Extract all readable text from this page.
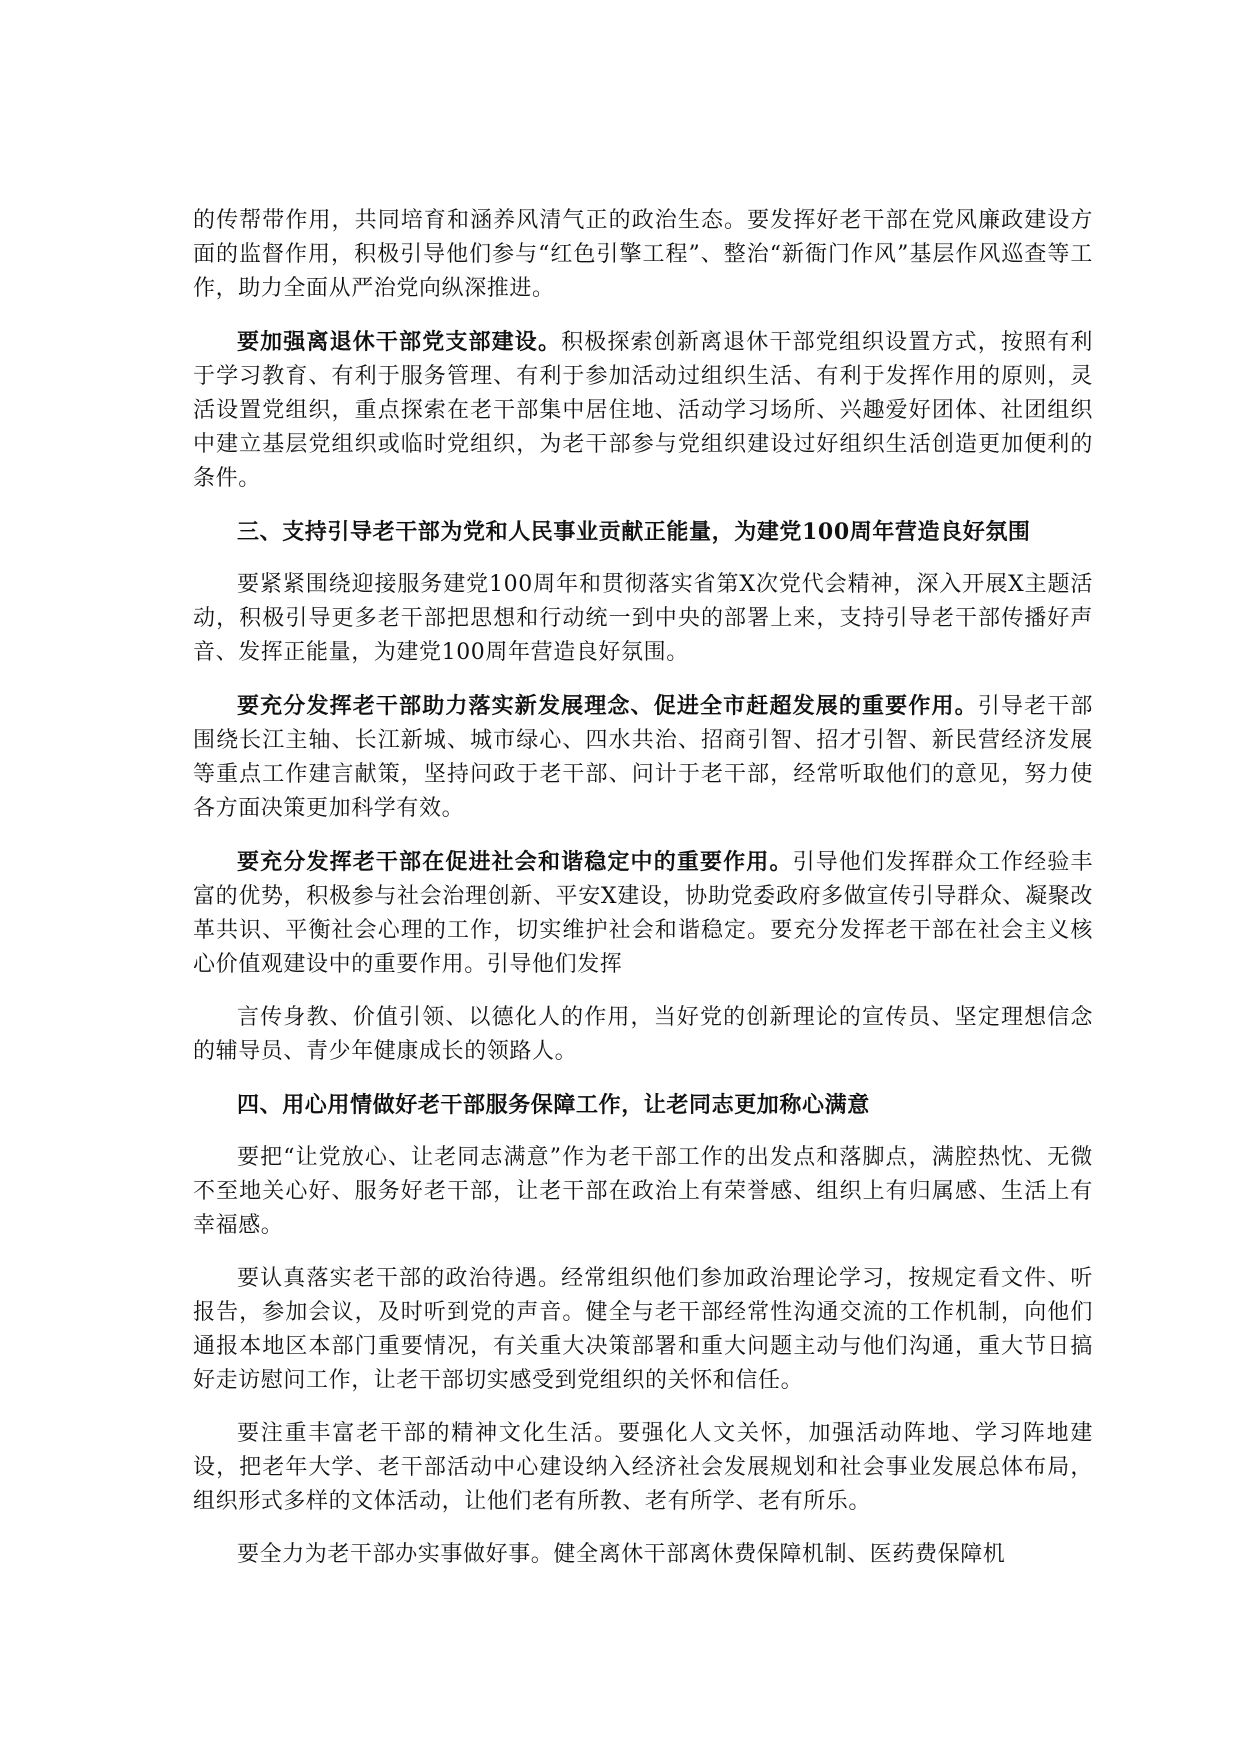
的传帮带作用，共同培育和涵养风清气正的政治生态。要发挥好老干部在党风廉政建设方面的监督作用，积极引导他们参与“红色引擎工程”、整治“新衙门作风”基层作风巡查等工作，助力全面从严治党向纵深推进。

要加强离退休干部党支部建设。积极探索创新离退休干部党组织设置方式，按照有利于学习教育、有利于服务管理、有利于参加活动过组织生活、有利于发挥作用的原则，灵活设置党组织，重点探索在老干部集中居住地、活动学习场所、兴趣爱好团体、社团组织中建立基层党组织或临时党组织，为老干部参与党组织建设过好组织生活创造更加便利的条件。

三、支持引导老干部为党和人民事业贡献正能量，为建党100周年营造良好氛围

要紧紧围绕迎接服务建党100周年和贯彻落实省第X次党代会精神，深入开展X主题活动，积极引导更多老干部把思想和行动统一到中央的部署上来，支持引导老干部传播好声音、发挥正能量，为建党100周年营造良好氛围。

要充分发挥老干部助力落实新发展理念、促进全市赶超发展的重要作用。引导老干部围绕长江主轴、长江新城、城市绿心、四水共治、招商引智、招才引智、新民营经济发展等重点工作建言献策，坚持问政于老干部、问计于老干部，经常听取他们的意见，努力使各方面决策更加科学有效。

要充分发挥老干部在促进社会和谐稳定中的重要作用。引导他们发挥群众工作经验丰富的优势，积极参与社会治理创新、平安X建设，协助党委政府多做宣传引导群众、凝聚改革共识、平衡社会心理的工作，切实维护社会和谐稳定。要充分发挥老干部在社会主义核心价值观建设中的重要作用。引导他们发挥

言传身教、价值引领、以德化人的作用，当好党的创新理论的宣传员、坚定理想信念的辅导员、青少年健康成长的领路人。

四、用心用情做好老干部服务保障工作，让老同志更加称心满意

要把“让党放心、让老同志满意”作为老干部工作的出发点和落脚点，满腔热忱、无微不至地关心好、服务好老干部，让老干部在政治上有荣誉感、组织上有归属感、生活上有幸福感。

要认真落实老干部的政治待遇。经常组织他们参加政治理论学习，按规定看文件、听报告，参加会议，及时听到党的声音。健全与老干部经常性沟通交流的工作机制，向他们通报本地区本部门重要情况，有关重大决策部署和重大问题主动与他们沟通，重大节日搞好走访慰问工作，让老干部切实感受到党组织的关怀和信任。

要注重丰富老干部的精神文化生活。要强化人文关怀，加强活动阵地、学习阵地建设，把老年大学、老干部活动中心建设纳入经济社会发展规划和社会事业发展总体布局，组织形式多样的文体活动，让他们老有所教、老有所学、老有所乐。

要全力为老干部办实事做好事。健全离休干部离休费保障机制、医药费保障机
